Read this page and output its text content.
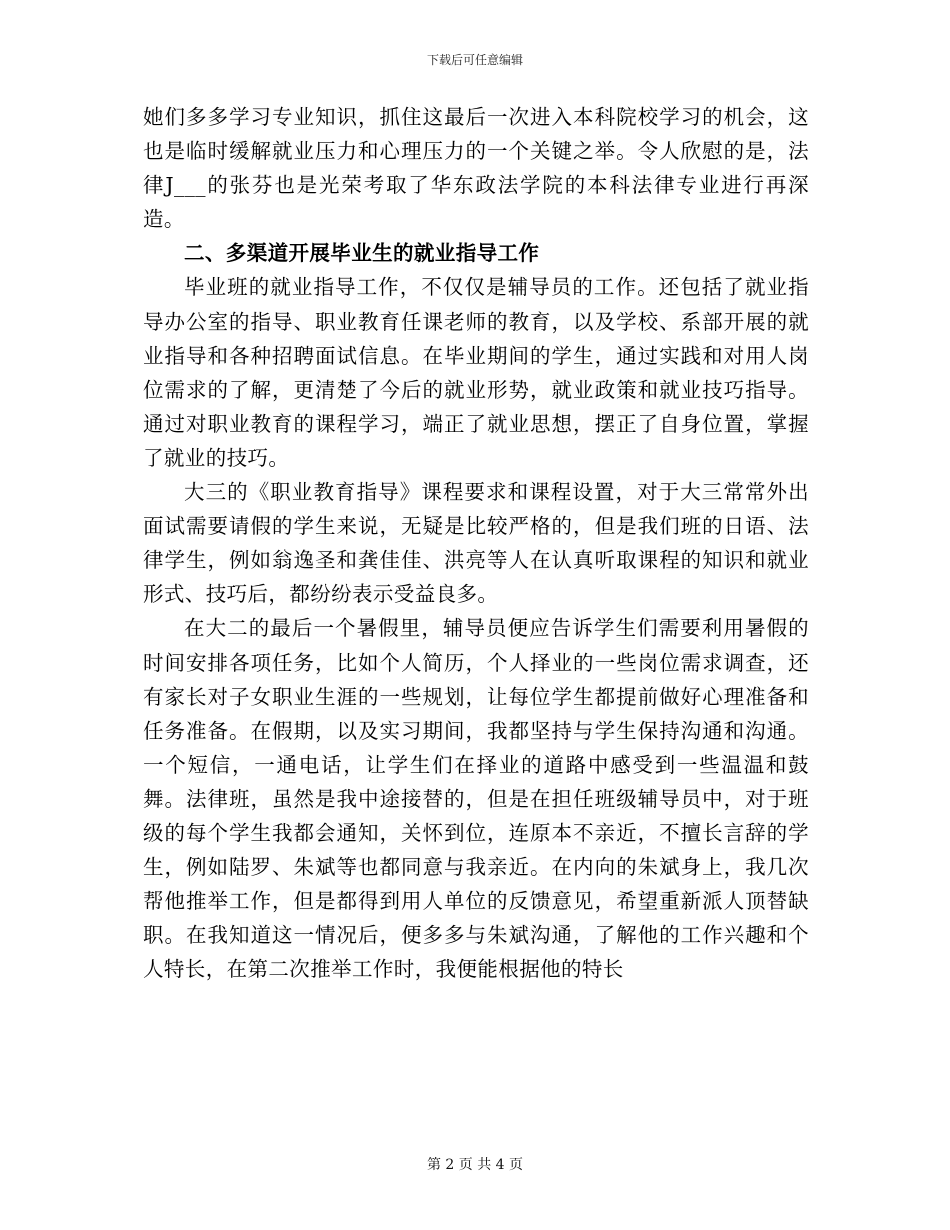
下载后可任意编辑

她们多多学习专业知识，抓住这最后一次进入本科院校学习的机会，这也是临时缓解就业压力和心理压力的一个关键之举。令人欣慰的是，法律J___的张芬也是光荣考取了华东政法学院的本科法律专业进行再深造。

二、多渠道开展毕业生的就业指导工作

毕业班的就业指导工作，不仅仅是辅导员的工作。还包括了就业指导办公室的指导、职业教育任课老师的教育，以及学校、系部开展的就业指导和各种招聘面试信息。在毕业期间的学生，通过实践和对用人岗位需求的了解，更清楚了今后的就业形势，就业政策和就业技巧指导。通过对职业教育的课程学习，端正了就业思想，摆正了自身位置，掌握了就业的技巧。

大三的《职业教育指导》课程要求和课程设置，对于大三常常外出面试需要请假的学生来说，无疑是比较严格的，但是我们班的日语、法律学生，例如翁逸圣和龚佳佳、洪亮等人在认真听取课程的知识和就业形式、技巧后，都纷纷表示受益良多。

在大二的最后一个暑假里，辅导员便应告诉学生们需要利用暑假的时间安排各项任务，比如个人简历，个人择业的一些岗位需求调查，还有家长对子女职业生涯的一些规划，让每位学生都提前做好心理准备和任务准备。在假期，以及实习期间，我都坚持与学生保持沟通和沟通。一个短信，一通电话，让学生们在择业的道路中感受到一些温温和鼓舞。法律班，虽然是我中途接替的，但是在担任班级辅导员中，对于班级的每个学生我都会通知，关怀到位，连原本不亲近，不擅长言辞的学生，例如陆罗、朱斌等也都同意与我亲近。在内向的朱斌身上，我几次帮他推举工作，但是都得到用人单位的反馈意见，希望重新派人顶替缺职。在我知道这一情况后，便多多与朱斌沟通，了解他的工作兴趣和个人特长，在第二次推举工作时，我便能根据他的特长

第 2 页 共 4 页
